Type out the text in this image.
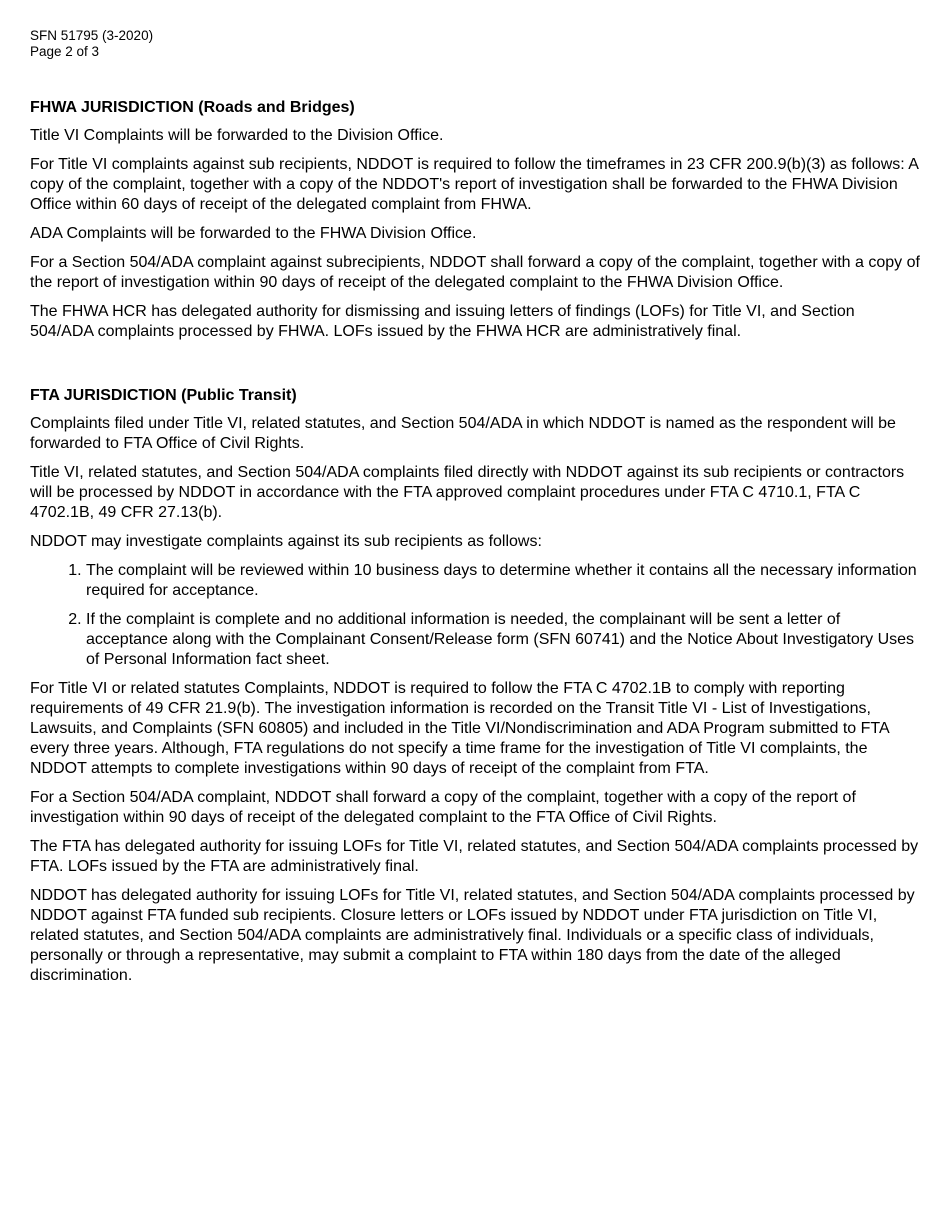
SFN 51795 (3-2020)

Page 2 of 3

FHWA JURISDICTION (Roads and Bridges)

Title VI Complaints will be forwarded to the Division Office.

For Title VI complaints against sub recipients, NDDOT is required to follow the timeframes in 23 CFR 200.9(b)(3) as follows: A copy of the complaint, together with a copy of the NDDOT's report of investigation shall be forwarded to the FHWA Division Office within 60 days of receipt of the delegated complaint from FHWA.

ADA Complaints will be forwarded to the FHWA Division Office.

For a Section 504/ADA complaint against subrecipients, NDDOT shall forward a copy of the complaint, together with a copy of the report of investigation within 90 days of receipt of the delegated complaint to the FHWA Division Office.

The FHWA HCR has delegated authority for dismissing and issuing letters of findings (LOFs) for Title VI, and Section 504/ADA complaints processed by FHWA. LOFs issued by the FHWA HCR are administratively final.

FTA JURISDICTION (Public Transit)

Complaints filed under Title VI, related statutes, and Section 504/ADA in which NDDOT is named as the respondent will be forwarded to FTA Office of Civil Rights.

Title VI, related statutes, and Section 504/ADA complaints filed directly with NDDOT against its sub recipients or contractors will be processed by NDDOT in accordance with the FTA approved complaint procedures under FTA C 4710.1, FTA C 4702.1B, 49 CFR 27.13(b).

NDDOT may investigate complaints against its sub recipients as follows:

1. The complaint will be reviewed within 10 business days to determine whether it contains all the necessary information required for acceptance.
2. If the complaint is complete and no additional information is needed, the complainant will be sent a letter of acceptance along with the Complainant Consent/Release form (SFN 60741) and the Notice About Investigatory Uses of Personal Information fact sheet.

For Title VI or related statutes Complaints, NDDOT is required to follow the FTA C 4702.1B to comply with reporting requirements of 49 CFR 21.9(b). The investigation information is recorded on the Transit Title VI - List of Investigations, Lawsuits, and Complaints (SFN 60805) and included in the Title VI/Nondiscrimination and ADA Program submitted to FTA every three years. Although, FTA regulations do not specify a time frame for the investigation of Title VI complaints, the NDDOT attempts to complete investigations within 90 days of receipt of the complaint from FTA.

For a Section 504/ADA complaint, NDDOT shall forward a copy of the complaint, together with a copy of the report of investigation within 90 days of receipt of the delegated complaint to the FTA Office of Civil Rights.

The FTA has delegated authority for issuing LOFs for Title VI, related statutes, and Section 504/ADA complaints processed by FTA. LOFs issued by the FTA are administratively final.

NDDOT has delegated authority for issuing LOFs for Title VI, related statutes, and Section 504/ADA complaints processed by NDDOT against FTA funded sub recipients. Closure letters or LOFs issued by NDDOT under FTA jurisdiction on Title VI, related statutes, and Section 504/ADA complaints are administratively final. Individuals or a specific class of individuals, personally or through a representative, may submit a complaint to FTA within 180 days from the date of the alleged discrimination.
